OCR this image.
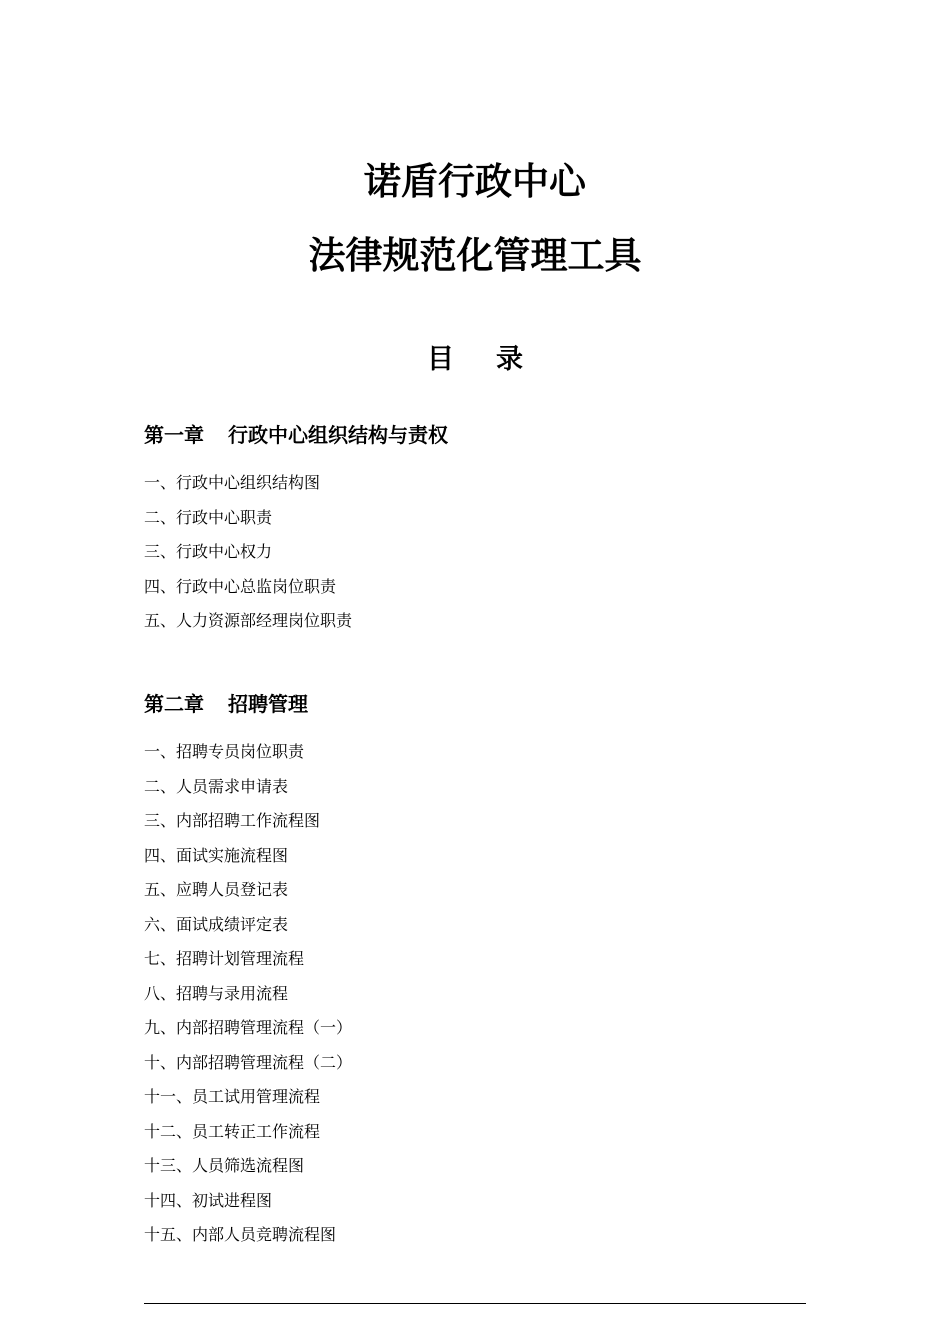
诺盾行政中心
法律规范化管理工具
目录
第一章 行政中心组织结构与责权
一、行政中心组织结构图
二、行政中心职责
三、行政中心权力
四、行政中心总监岗位职责
五、人力资源部经理岗位职责
第二章 招聘管理
一、招聘专员岗位职责
二、人员需求申请表
三、内部招聘工作流程图
四、面试实施流程图
五、应聘人员登记表
六、面试成绩评定表
七、招聘计划管理流程
八、招聘与录用流程
九、内部招聘管理流程（一）
十、内部招聘管理流程（二）
十一、员工试用管理流程
十二、员工转正工作流程
十三、人员筛选流程图
十四、初试进程图
十五、内部人员竞聘流程图
